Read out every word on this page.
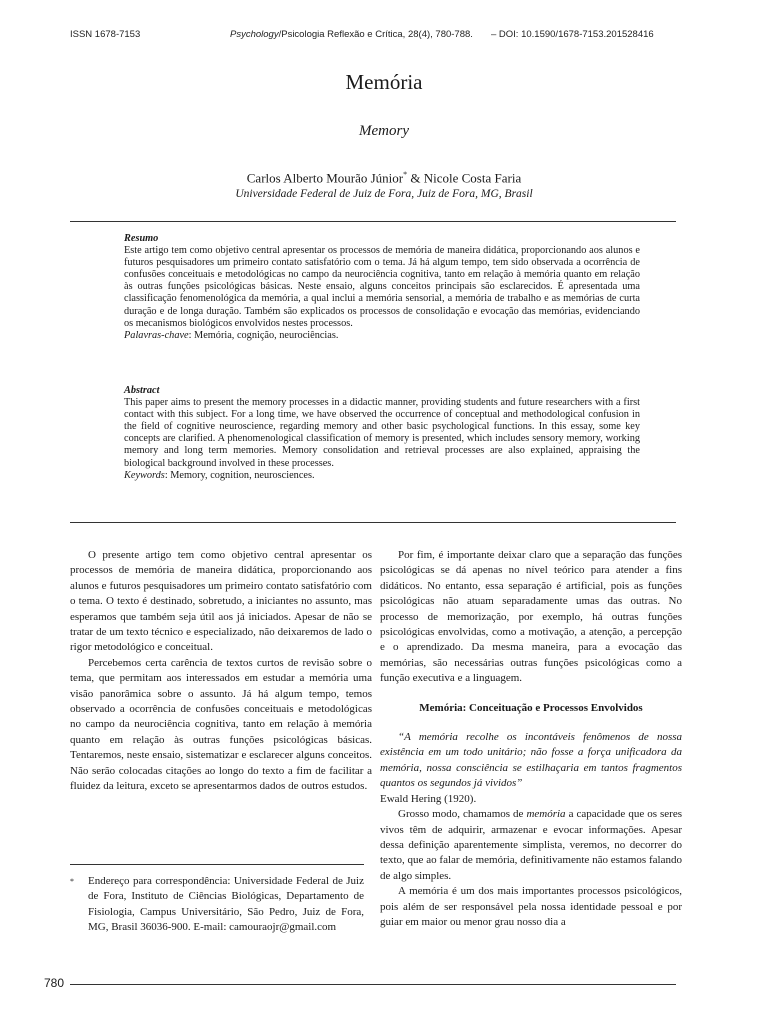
ISSN 1678-7153	Psychology/Psicologia Reflexão e Crítica, 28(4), 780-788. – DOI: 10.1590/1678-7153.201528416
Memória
Memory
Carlos Alberto Mourão Júnior* & Nicole Costa Faria
Universidade Federal de Juiz de Fora, Juiz de Fora, MG, Brasil
Resumo
Este artigo tem como objetivo central apresentar os processos de memória de maneira didática, proporcionando aos alunos e futuros pesquisadores um primeiro contato satisfatório com o tema. Já há algum tempo, tem sido observada a ocorrência de confusões conceituais e metodológicas no campo da neurociência cognitiva, tanto em relação à memória quanto em relação às outras funções psicológicas básicas. Neste ensaio, alguns conceitos principais são esclarecidos. É apresentada uma classificação fenomenológica da memória, a qual inclui a memória sensorial, a memória de trabalho e as memórias de curta duração e de longa duração. Também são explicados os processos de consolidação e evocação das memórias, evidenciando os mecanismos biológicos envolvidos nestes processos.
Palavras-chave: Memória, cognição, neurociências.
Abstract
This paper aims to present the memory processes in a didactic manner, providing students and future researchers with a first contact with this subject. For a long time, we have observed the occurrence of conceptual and methodological confusion in the field of cognitive neuroscience, regarding memory and other basic psychological functions. In this essay, some key concepts are clarified. A phenomenological classification of memory is presented, which includes sensory memory, working memory and long term memories. Memory consolidation and retrieval processes are also explained, appraising the biological background involved in these processes.
Keywords: Memory, cognition, neurosciences.

O presente artigo tem como objetivo central apresentar os processos de memória de maneira didática, proporcionando aos alunos e futuros pesquisadores um primeiro contato satisfatório com o tema. O texto é destinado, sobretudo, a iniciantes no assunto, mas esperamos que também seja útil aos já iniciados. Apesar de não se tratar de um texto técnico e especializado, não deixaremos de lado o rigor metodológico e conceitual.

Percebemos certa carência de textos curtos de revisão sobre o tema, que permitam aos interessados em estudar a memória uma visão panorâmica sobre o assunto. Já há algum tempo, temos observado a ocorrência de confusões conceituais e metodológicas no campo da neurociência cognitiva, tanto em relação à memória quanto em relação às outras funções psicológicas básicas. Tentaremos, neste ensaio, sistematizar e esclarecer alguns conceitos. Não serão colocadas citações ao longo do texto a fim de facilitar a fluidez da leitura, exceto se apresentarmos dados de outros estudos.

* Endereço para correspondência: Universidade Federal de Juiz de Fora, Instituto de Ciências Biológicas, Departamento de Fisiologia, Campus Universitário, São Pedro, Juiz de Fora, MG, Brasil 36036-900. E-mail: camouraojr@gmail.com

Por fim, é importante deixar claro que a separação das funções psicológicas se dá apenas no nível teórico para atender a fins didáticos. No entanto, essa separação é artificial, pois as funções psicológicas não atuam separadamente umas das outras. No processo de memorização, por exemplo, há outras funções psicológicas envolvidas, como a motivação, a atenção, a percepção e o aprendizado. Da mesma maneira, para a evocação das memórias, são necessárias outras funções psicológicas como a função executiva e a linguagem.

Memória: Conceituação e Processos Envolvidos

“A memória recolhe os incontáveis fenômenos de nossa existência em um todo unitário; não fosse a força unificadora da memória, nossa consciência se estilhaçaria em tantos fragmentos quantos os segundos já vividos”

Ewald Hering (1920).

Grosso modo, chamamos de memória a capacidade que os seres vivos têm de adquirir, armazenar e evocar informações. Apesar dessa definição aparentemente simplista, veremos, no decorrer do texto, que ao falar de memória, definitivamente não estamos falando de algo simples.

A memória é um dos mais importantes processos psicológicos, pois além de ser responsável pela nossa identidade pessoal e por guiar em maior ou menor grau nosso dia a

780
